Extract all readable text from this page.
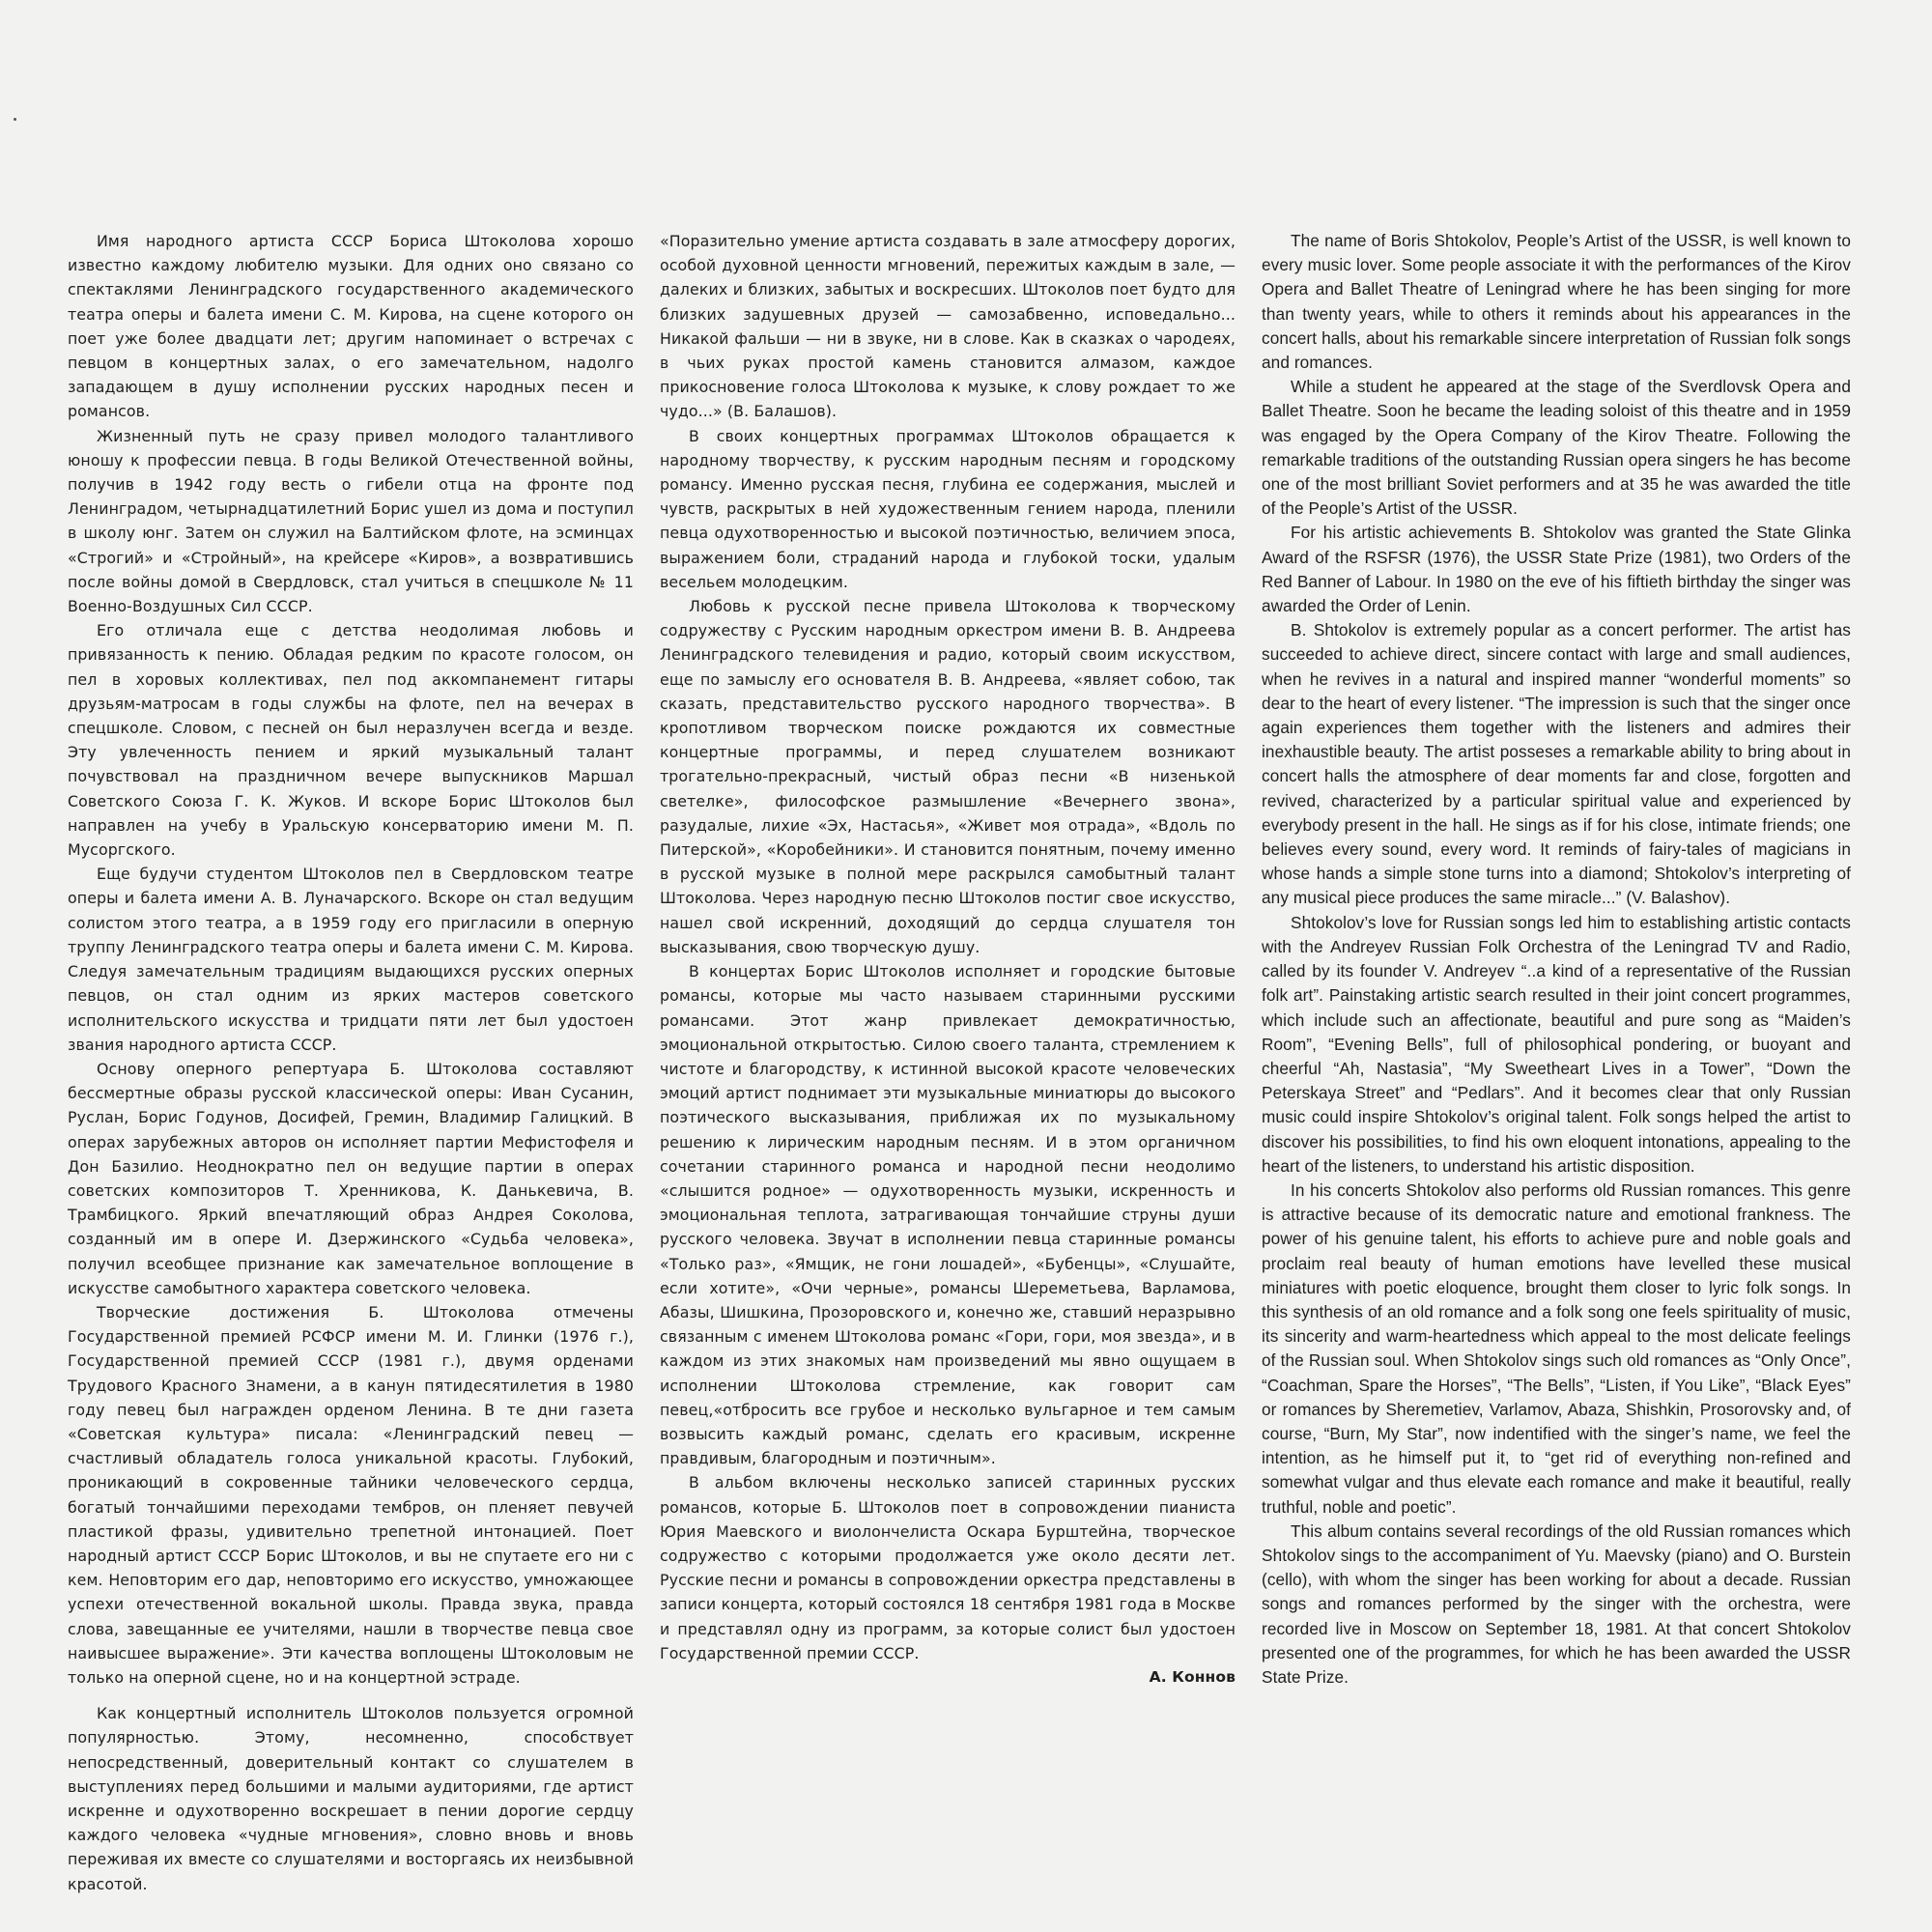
Имя народного артиста СССР Бориса Штоколова хорошо известно каждому любителю музыки. Для одних оно связано со спектаклями Ленинградского государственного академического театра оперы и балета имени С. М. Кирова, на сцене которого он поет уже более двадцати лет; другим напоминает о встречах с певцом в концертных залах, о его замечательном, надолго западающем в душу исполнении русских народных песен и романсов.

Жизненный путь не сразу привел молодого талантливого юношу к профессии певца. В годы Великой Отечественной войны, получив в 1942 году весть о гибели отца на фронте под Ленинградом, четырнадцатилетний Борис ушел из дома и поступил в школу юнг. Затем он служил на Балтийском флоте, на эсминцах «Строгий» и «Стройный», на крейсере «Киров», а возвратившись после войны домой в Свердловск, стал учиться в спецшколе № 11 Военно-Воздушных Сил СССР.

Его отличала еще с детства неодолимая любовь и привязанность к пению. Обладая редким по красоте голосом, он пел в хоровых коллективах, пел под аккомпанемент гитары друзьям-матросам в годы службы на флоте, пел на вечерах в спецшколе. Словом, с песней он был неразлучен всегда и везде. Эту увлеченность пением и яркий музыкальный талант почувствовал на праздничном вечере выпускников Маршал Советского Союза Г. К. Жуков. И вскоре Борис Штоколов был направлен на учебу в Уральскую консерваторию имени М. П. Мусоргского.

Еще будучи студентом Штоколов пел в Свердловском театре оперы и балета имени А. В. Луначарского. Вскоре он стал ведущим солистом этого театра, а в 1959 году его пригласили в оперную труппу Ленинградского театра оперы и балета имени С. М. Кирова. Следуя замечательным традициям выдающихся русских оперных певцов, он стал одним из ярких мастеров советского исполнительского искусства и тридцати пяти лет был удостоен звания народного артиста СССР.

Основу оперного репертуара Б. Штоколова составляют бессмертные образы русской классической оперы: Иван Сусанин, Руслан, Борис Годунов, Досифей, Гремин, Владимир Галицкий. В операх зарубежных авторов он исполняет партии Мефистофеля и Дон Базилио. Неоднократно пел он ведущие партии в операх советских композиторов Т. Хренникова, К. Данькевича, В. Трамбицкого. Яркий впечатляющий образ Андрея Соколова, созданный им в опере И. Дзержинского «Судьба человека», получил всеобщее признание как замечательное воплощение в искусстве самобытного характера советского человека.

Творческие достижения Б. Штоколова отмечены Государственной премией РСФСР имени М. И. Глинки (1976 г.), Государственной премией СССР (1981 г.), двумя орденами Трудового Красного Знамени, а в канун пятидесятилетия в 1980 году певец был награжден орденом Ленина. В те дни газета «Советская культура» писала: «Ленинградский певец — счастливый обладатель голоса уникальной красоты. Глубокий, проникающий в сокровенные тайники человеческого сердца, богатый тончайшими переходами тембров, он пленяет певучей пластикой фразы, удивительно трепетной интонацией. Поет народный артист СССР Борис Штоколов, и вы не спутаете его ни с кем. Неповторим его дар, неповторимо его искусство, умножающее успехи отечественной вокальной школы. Правда звука, правда слова, завещанные ее учителями, нашли в творчестве певца свое наивысшее выражение». Эти качества воплощены Штоколовым не только на оперной сцене, но и на концертной эстраде.

Как концертный исполнитель Штоколов пользуется огромной популярностью. Этому, несомненно, способствует непосредственный, доверительный контакт со слушателем в выступлениях перед большими и малыми аудиториями, где артист искренне и одухотворенно воскрешает в пении дорогие сердцу каждого человека «чудные мгновения», словно вновь и вновь переживая их вместе со слушателями и восторгаясь их неизбывной красотой.

«Поразительно умение артиста создавать в зале атмосферу дорогих, особой духовной ценности мгновений, пережитых каждым в зале, — далеких и близких, забытых и воскресших. Штоколов поет будто для близких задушевных друзей — самозабвенно, исповедально... Никакой фальши — ни в звуке, ни в слове. Как в сказках о чародеях, в чьих руках простой камень становится алмазом, каждое прикосновение голоса Штоколова к музыке, к слову рождает то же чудо...» (В. Балашов).

В своих концертных программах Штоколов обращается к народному творчеству, к русским народным песням и городскому романсу. Именно русская песня, глубина ее содержания, мыслей и чувств, раскрытых в ней художественным гением народа, пленили певца одухотворенностью и высокой поэтичностью, величием эпоса, выражением боли, страданий народа и глубокой тоски, удалым весельем молодецким.

Любовь к русской песне привела Штоколова к творческому содружеству с Русским народным оркестром имени В. В. Андреева Ленинградского телевидения и радио, который своим искусством, еще по замыслу его основателя В. В. Андреева, «являет собою, так сказать, представительство русского народного творчества». В кропотливом творческом поиске рождаются их совместные концертные программы, и перед слушателем возникают трогательно-прекрасный, чистый образ песни «В низенькой светелке», философское размышление «Вечернего звона», разудалые, лихие «Эх, Настасья», «Живет моя отрада», «Вдоль по Питерской», «Коробейники». И становится понятным, почему именно в русской музыке в полной мере раскрылся самобытный талант Штоколова. Через народную песню Штоколов постиг свое искусство, нашел свой искренний, доходящий до сердца слушателя тон высказывания, свою творческую душу.

В концертах Борис Штоколов исполняет и городские бытовые романсы, которые мы часто называем старинными русскими романсами. Этот жанр привлекает демократичностью, эмоциональной открытостью. Силою своего таланта, стремлением к чистоте и благородству, к истинной высокой красоте человеческих эмоций артист поднимает эти музыкальные миниатюры до высокого поэтического высказывания, приближая их по музыкальному решению к лирическим народным песням. И в этом органичном сочетании старинного романса и народной песни неодолимо «слышится родное» — одухотворенность музыки, искренность и эмоциональная теплота, затрагивающая тончайшие струны души русского человека. Звучат в исполнении певца старинные романсы «Только раз», «Ямщик, не гони лошадей», «Бубенцы», «Слушайте, если хотите», «Очи черные», романсы Шереметьева, Варламова, Абазы, Шишкина, Прозоровского и, конечно же, ставший неразрывно связанным с именем Штоколова романс «Гори, гори, моя звезда», и в каждом из этих знакомых нам произведений мы явно ощущаем в исполнении Штоколова стремление, как говорит сам певец,«отбросить все грубое и несколько вульгарное и тем самым возвысить каждый романс, сделать его красивым, искренне правдивым, благородным и поэтичным».

В альбом включены несколько записей старинных русских романсов, которые Б. Штоколов поет в сопровождении пианиста Юрия Маевского и виолончелиста Оскара Бурштейна, творческое содружество с которыми продолжается уже около десяти лет. Русские песни и романсы в сопровождении оркестра представлены в записи концерта, который состоялся 18 сентября 1981 года в Москве и представлял одну из программ, за которые солист был удостоен Государственной премии СССР.

А. Коннов

The name of Boris Shtokolov, People’s Artist of the USSR, is well known to every music lover. Some people associate it with the performances of the Kirov Opera and Ballet Theatre of Leningrad where he has been singing for more than twenty years, while to others it reminds about his appearances in the concert halls, about his remarkable sincere interpretation of Russian folk songs and romances.

While a student he appeared at the stage of the Sverdlovsk Opera and Ballet Theatre. Soon he became the leading soloist of this theatre and in 1959 was engaged by the Opera Company of the Kirov Theatre. Following the remarkable traditions of the outstanding Russian opera singers he has become one of the most brilliant Soviet performers and at 35 he was awarded the title of the People’s Artist of the USSR.

For his artistic achievements B. Shtokolov was granted the State Glinka Award of the RSFSR (1976), the USSR State Prize (1981), two Orders of the Red Banner of Labour. In 1980 on the eve of his fiftieth birthday the singer was awarded the Order of Lenin.

B. Shtokolov is extremely popular as a concert performer. The artist has succeeded to achieve direct, sincere contact with large and small audiences, when he revives in a natural and inspired manner “wonderful moments” so dear to the heart of every listener. “The impression is such that the singer once again experiences them together with the listeners and admires their inexhaustible beauty. The artist posseses a remarkable ability to bring about in concert halls the atmosphere of dear moments far and close, forgotten and revived, characterized by a particular spiritual value and experienced by everybody present in the hall. He sings as if for his close, intimate friends; one believes every sound, every word. It reminds of fairy-tales of magicians in whose hands a simple stone turns into a diamond; Shtokolov’s interpreting of any musical piece produces the same miracle...” (V. Balashov).

Shtokolov’s love for Russian songs led him to establishing artistic contacts with the Andreyev Russian Folk Orchestra of the Leningrad TV and Radio, called by its founder V. Andreyev “..a kind of a representative of the Russian folk art”. Painstaking artistic search resulted in their joint concert programmes, which include such an affectionate, beautiful and pure song as “Maiden’s Room”, “Evening Bells”, full of philosophical pondering, or buoyant and cheerful “Ah, Nastasia”, “My Sweetheart Lives in a Tower”, “Down the Peterskaya Street” and “Pedlars”. And it becomes clear that only Russian music could inspire Shtokolov’s original talent. Folk songs helped the artist to discover his possibilities, to find his own eloquent intonations, appealing to the heart of the listeners, to understand his artistic disposition.

In his concerts Shtokolov also performs old Russian romances. This genre is attractive because of its democratic nature and emotional frankness. The power of his genuine talent, his efforts to achieve pure and noble goals and proclaim real beauty of human emotions have levelled these musical miniatures with poetic eloquence, brought them closer to lyric folk songs. In this synthesis of an old romance and a folk song one feels spirituality of music, its sincerity and warm-heartedness which appeal to the most delicate feelings of the Russian soul. When Shtokolov sings such old romances as “Only Once”, “Coachman, Spare the Horses”, “The Bells”, “Listen, if You Like”, “Black Eyes” or romances by Sheremetiev, Varlamov, Abaza, Shishkin, Prosorovsky and, of course, “Burn, My Star”, now indentified with the singer’s name, we feel the intention, as he himself put it, to “get rid of everything non-refined and somewhat vulgar and thus elevate each romance and make it beautiful, really truthful, noble and poetic”.

This album contains several recordings of the old Russian romances which Shtokolov sings to the accompaniment of Yu. Maevsky (piano) and O. Burstein (cello), with whom the singer has been working for about a decade. Russian songs and romances performed by the singer with the orchestra, were recorded live in Moscow on September 18, 1981. At that concert Shtokolov presented one of the programmes, for which he has been awarded the USSR State Prize.
